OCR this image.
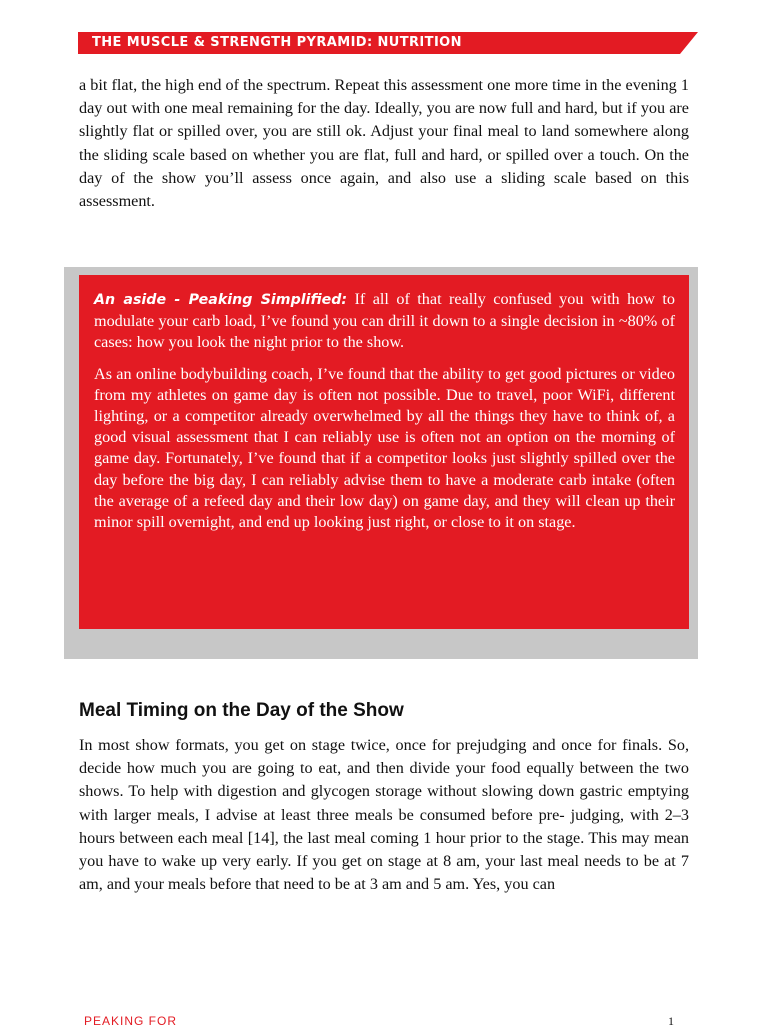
THE MUSCLE & STRENGTH PYRAMID: NUTRITION

a bit flat, the high end of the spectrum. Repeat this assessment one more time in the evening 1 day out with one meal remaining for the day. Ideally, you are now full and hard, but if you are slightly flat or spilled over, you are still ok. Adjust your final meal to land somewhere along the sliding scale based on whether you are flat, full and hard, or spilled over a touch. On the day of the show you’ll assess once again, and also use a sliding scale based on this assessment.

An aside - Peaking Simplified: If all of that really confused you with how to modulate your carb load, I’ve found you can drill it down to a single decision in ~80% of cases: how you look the night prior to the show.

As an online bodybuilding coach, I’ve found that the ability to get good pictures or video from my athletes on game day is often not possible. Due to travel, poor WiFi, different lighting, or a competitor already overwhelmed by all the things they have to think of, a good visual assessment that I can reliably use is often not an option on the morning of game day. Fortunately, I’ve found that if a competitor looks just slightly spilled over the day before the big day, I can reliably advise them to have a moderate carb intake (often the average of a refeed day and their low day) on game day, and they will clean up their minor spill overnight, and end up looking just right, or close to it on stage.

Meal Timing on the Day of the Show

In most show formats, you get on stage twice, once for prejudging and once for finals. So, decide how much you are going to eat, and then divide your food equally between the two shows. To help with digestion and glycogen storage without slowing down gastric emptying with larger meals, I advise at least three meals be consumed before pre- judging, with 2–3 hours between each meal [14], the last meal coming 1 hour prior to the stage. This may mean you have to wake up very early. If you get on stage at 8 am, your last meal needs to be at 7 am, and your meals before that need to be at 3 am and 5 am. Yes, you can

PEAKING FOR	1
